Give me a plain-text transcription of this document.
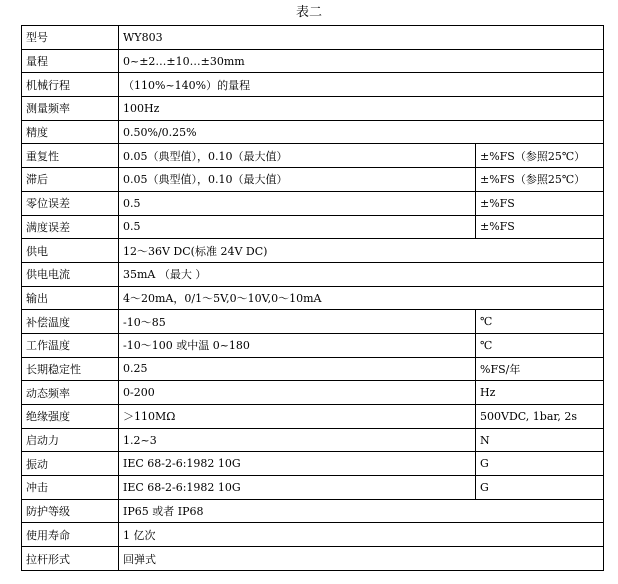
表二
型号	WY803	
量程	0~±2…±10…±30mm	
机械行程	（110%~140%）的量程	
测量频率	100Hz	
精度	0.50%/0.25%	
重复性	0.05（典型值），0.10（最大值）	±%FS（参照25℃）
滞后	0.05（典型值），0.10（最大值）	±%FS（参照25℃）
零位误差	0.5	±%FS
满度误差	0.5	±%FS
供电	12～36V DC(标准 24V DC)	
供电电流	35mA （最大 ）	
输出	4～20mA，0/1～5V,0～10V,0～10mA	
补偿温度	-10～85	℃
工作温度	-10～100 或中温 0~180	℃
长期稳定性	0.25	%FS/年
动态频率	0-200	Hz
绝缘强度	＞110MΩ	500VDC, 1bar, 2s
启动力	1.2~3	N
振动	IEC 68-2-6:1982 10G	G
冲击	IEC 68-2-6:1982 10G	G
防护等级	IP65 或者 IP68	
使用寿命	1 亿次	
拉杆形式	回弹式	
